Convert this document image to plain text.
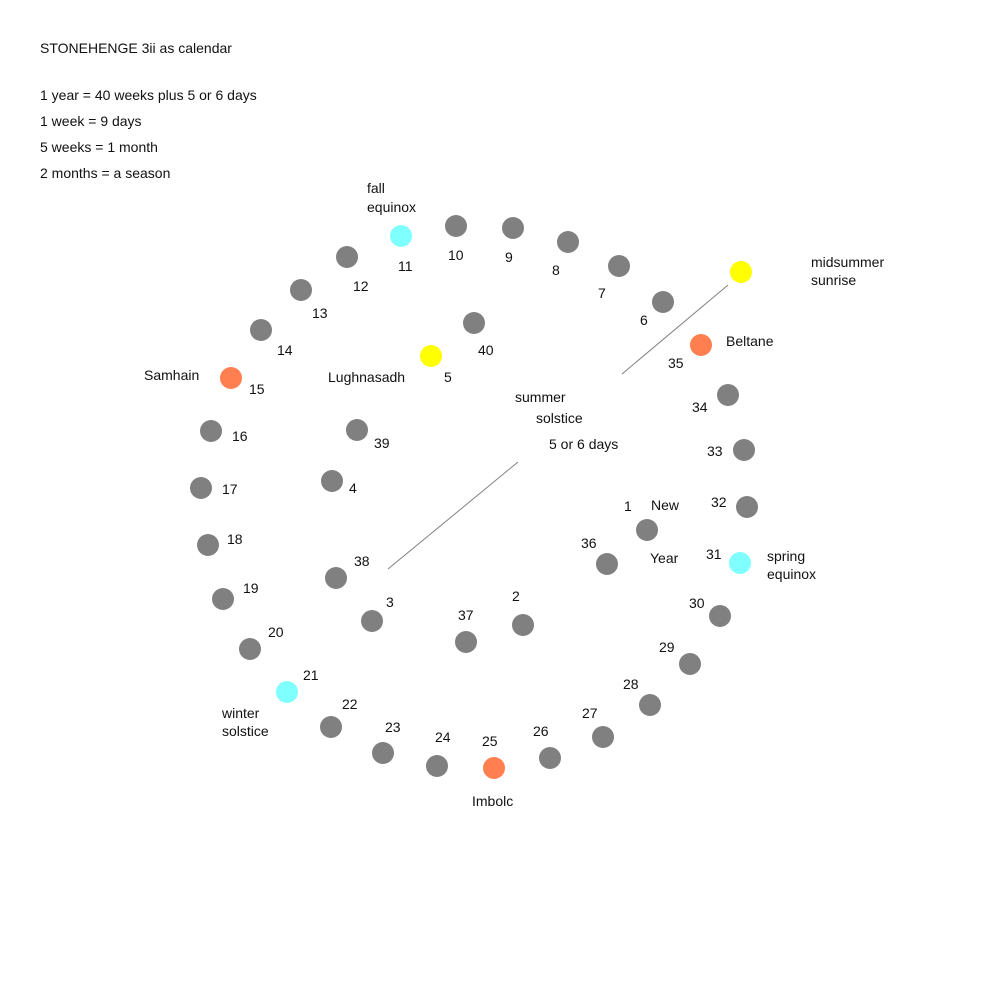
STONEHENGE 3ii as calendar
1 year = 40 weeks plus 5 or 6 days
1 week = 9 days
5 weeks = 1 month
2 months = a season
1
2
3
4
5
6
7
8
9
10
11
12
13
14
15
16
17
18
19
20
21
22
23
24 25
26
27
28
29
30
31
32
33
34
35
36
37
38
39
40
fall
equinox
midsummer
sunrise
Beltane
Samhain	Lughnasadh
summer
solstice
5 or 6 days
New
Year	spring
equinox
winter
solstice
Imbolc
